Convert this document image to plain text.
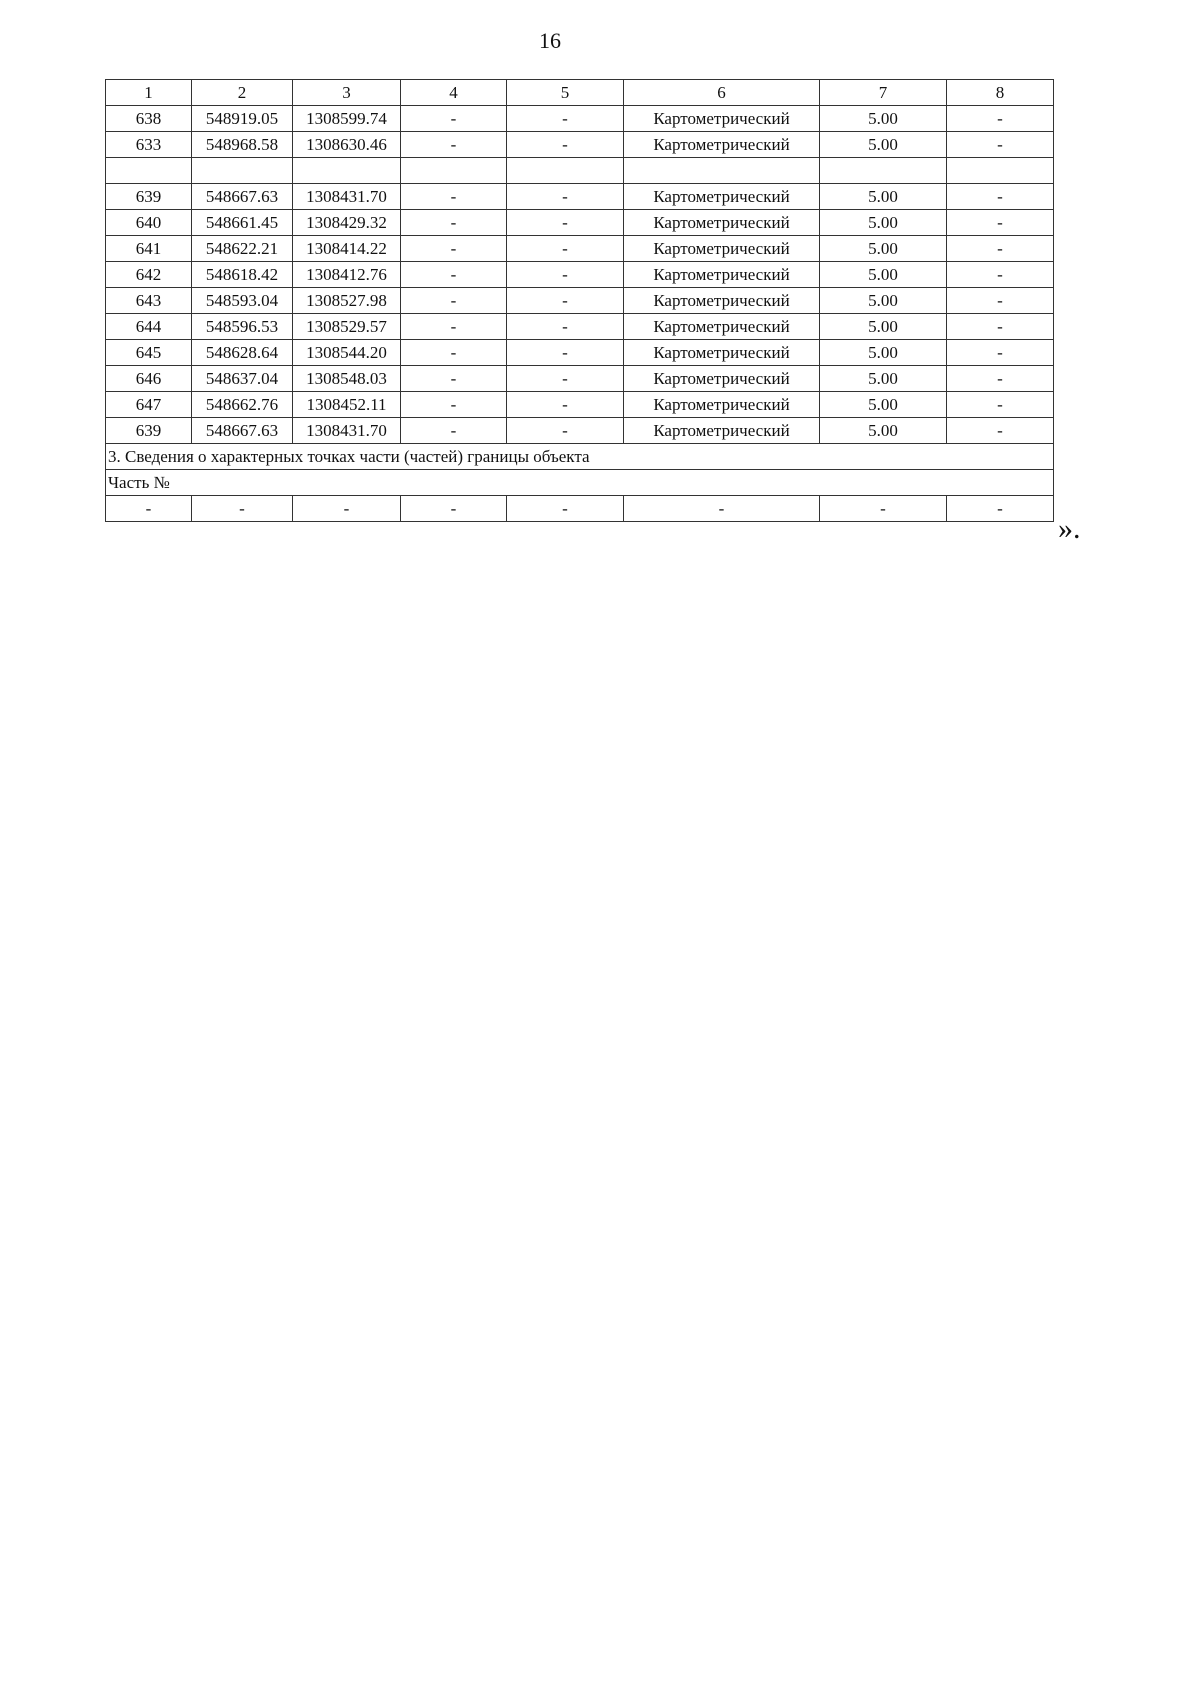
16
1	2	3	4	5	6	7	8
638	548919.05	1308599.74	-	-	Картометрический	5.00	-
633	548968.58	1308630.46	-	-	Картометрический	5.00	-

639	548667.63	1308431.70	-	-	Картометрический	5.00	-
640	548661.45	1308429.32	-	-	Картометрический	5.00	-
641	548622.21	1308414.22	-	-	Картометрический	5.00	-
642	548618.42	1308412.76	-	-	Картометрический	5.00	-
643	548593.04	1308527.98	-	-	Картометрический	5.00	-
644	548596.53	1308529.57	-	-	Картометрический	5.00	-
645	548628.64	1308544.20	-	-	Картометрический	5.00	-
646	548637.04	1308548.03	-	-	Картометрический	5.00	-
647	548662.76	1308452.11	-	-	Картометрический	5.00	-
639	548667.63	1308431.70	-	-	Картометрический	5.00	-
3. Сведения о характерных точках части (частей) границы объекта							
Часть №							
-	-	-	-	-	-	-	-
».
